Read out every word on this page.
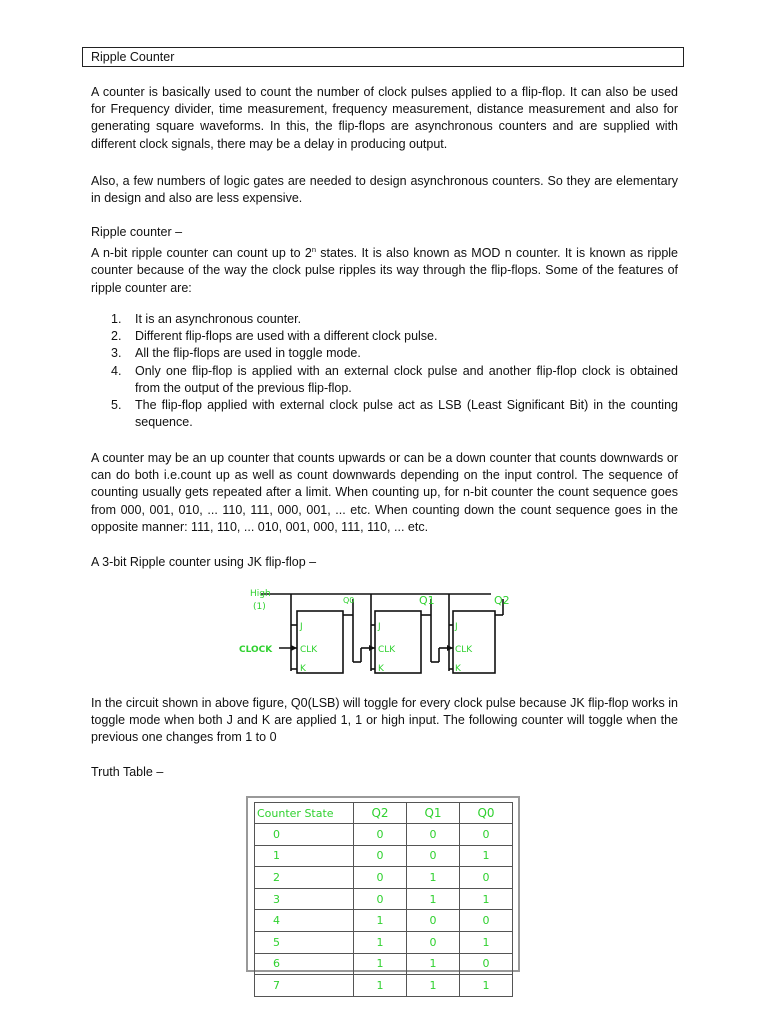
Ripple Counter

A counter is basically used to count the number of clock pulses applied to a flip-flop. It can also be used for Frequency divider, time measurement, frequency measurement, distance measurement and also for generating square waveforms. In this, the flip-flops are asynchronous counters and are supplied with different clock signals, there may be a delay in producing output.

Also, a few numbers of logic gates are needed to design asynchronous counters. So they are elementary in design and also are less expensive.

Ripple counter –

A n-bit ripple counter can count up to 2$^n$ states. It is also known as MOD n counter. It is known as ripple counter because of the way the clock pulse ripples its way through the flip-flops. Some of the features of ripple counter are:

1. It is an asynchronous counter.
2. Different flip-flops are used with a different clock pulse.
3. All the flip-flops are used in toggle mode.
4. Only one flip-flop is applied with an external clock pulse and another flip-flop clock is obtained from the output of the previous flip-flop.
5. The flip-flop applied with external clock pulse act as LSB (Least Significant Bit) in the counting sequence.

A counter may be an up counter that counts upwards or can be a down counter that counts downwards or can do both i.e.count up as well as count downwards depending on the input control. The sequence of counting usually gets repeated after a limit. When counting up, for n-bit counter the count sequence goes from 000, 001, 010, ... 110, 111, 000, 001, ... etc. When counting down the count sequence goes in the opposite manner: 111, 110, ... 010, 001, 000, 111, 110, ... etc.

A 3-bit Ripple counter using JK flip-flop –

High
(1)
CLOCK
Q0	Q1	Q2
J
CLK
K
J
CLK
K
J
CLK
K

In the circuit shown in above figure, Q0(LSB) will toggle for every clock pulse because JK flip-flop works in toggle mode when both J and K are applied 1, 1 or high input. The following counter will toggle when the previous one changes from 1 to 0

Truth Table –

Counter State	Q2	Q1	Q0
0	0	0	0
1	0	0	1
2	0	1	0
3	0	1	1
4	1	0	0
5	1	0	1
6	1	1	0
7	1	1	1
